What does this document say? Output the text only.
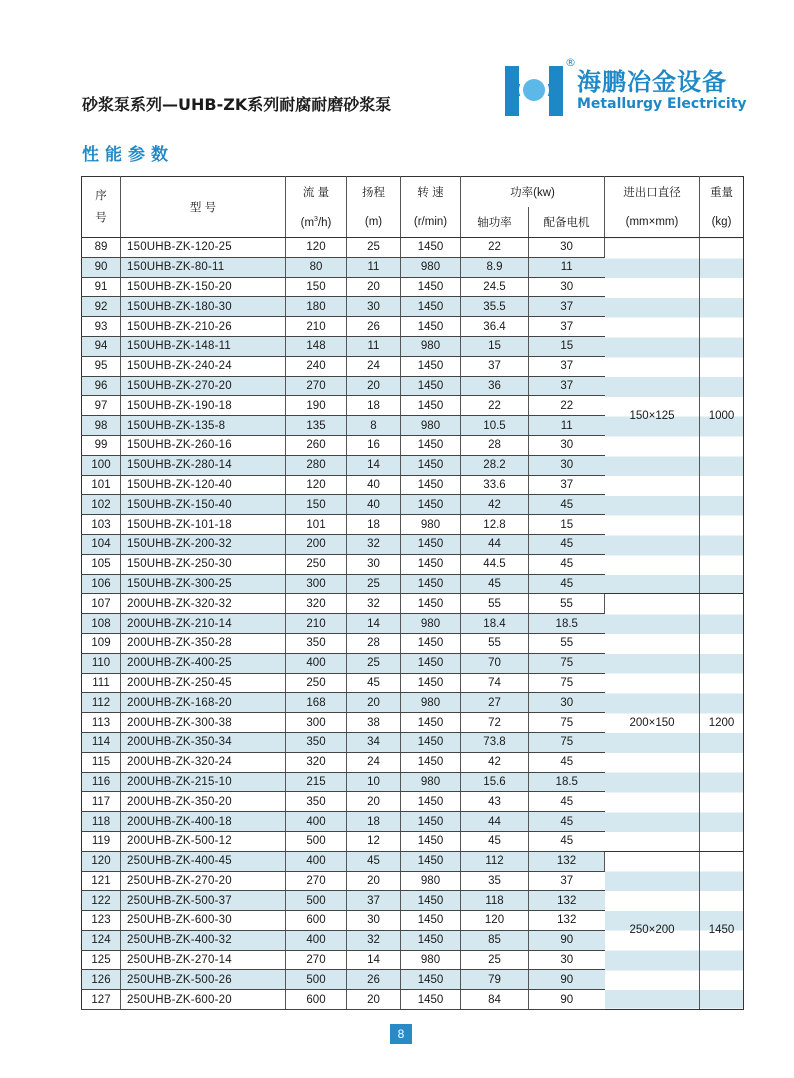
砂浆泵系列—UHB-ZK系列耐腐耐磨砂浆泵
®
海鹏冶金设备
Metallurgy Electricity
性能参数
序号	型 号	流 量	扬程	转 速	功率(kw)		进出口直径	重量
		$(m^3/h)$	(m)	(r/min)	轴功率	配备电机	(mm×mm)	(kg)
89	150UHB-ZK-120-25	120	25	1450	22	30	150×125	1000
90	150UHB-ZK-80-11	80	11	980	8.9	11		
91	150UHB-ZK-150-20	150	20	1450	24.5	30		
92	150UHB-ZK-180-30	180	30	1450	35.5	37		
93	150UHB-ZK-210-26	210	26	1450	36.4	37		
94	150UHB-ZK-148-11	148	11	980	15	15		
95	150UHB-ZK-240-24	240	24	1450	37	37		
96	150UHB-ZK-270-20	270	20	1450	36	37		
97	150UHB-ZK-190-18	190	18	1450	22	22		
98	150UHB-ZK-135-8	135	8	980	10.5	11		
99	150UHB-ZK-260-16	260	16	1450	28	30		
100	150UHB-ZK-280-14	280	14	1450	28.2	30		
101	150UHB-ZK-120-40	120	40	1450	33.6	37		
102	150UHB-ZK-150-40	150	40	1450	42	45		
103	150UHB-ZK-101-18	101	18	980	12.8	15		
104	150UHB-ZK-200-32	200	32	1450	44	45		
105	150UHB-ZK-250-30	250	30	1450	44.5	45		
106	150UHB-ZK-300-25	300	25	1450	45	45		
107	200UHB-ZK-320-32	320	32	1450	55	55	200×150	1200
108	200UHB-ZK-210-14	210	14	980	18.4	18.5		
109	200UHB-ZK-350-28	350	28	1450	55	55		
110	200UHB-ZK-400-25	400	25	1450	70	75		
111	200UHB-ZK-250-45	250	45	1450	74	75		
112	200UHB-ZK-168-20	168	20	980	27	30		
113	200UHB-ZK-300-38	300	38	1450	72	75		
114	200UHB-ZK-350-34	350	34	1450	73.8	75		
115	200UHB-ZK-320-24	320	24	1450	42	45		
116	200UHB-ZK-215-10	215	10	980	15.6	18.5		
117	200UHB-ZK-350-20	350	20	1450	43	45		
118	200UHB-ZK-400-18	400	18	1450	44	45		
119	200UHB-ZK-500-12	500	12	1450	45	45		
120	250UHB-ZK-400-45	400	45	1450	112	132	250×200	1450
121	250UHB-ZK-270-20	270	20	980	35	37		
122	250UHB-ZK-500-37	500	37	1450	118	132		
123	250UHB-ZK-600-30	600	30	1450	120	132		
124	250UHB-ZK-400-32	400	32	1450	85	90		
125	250UHB-ZK-270-14	270	14	980	25	30		
126	250UHB-ZK-500-26	500	26	1450	79	90		
127	250UHB-ZK-600-20	600	20	1450	84	90		
8
